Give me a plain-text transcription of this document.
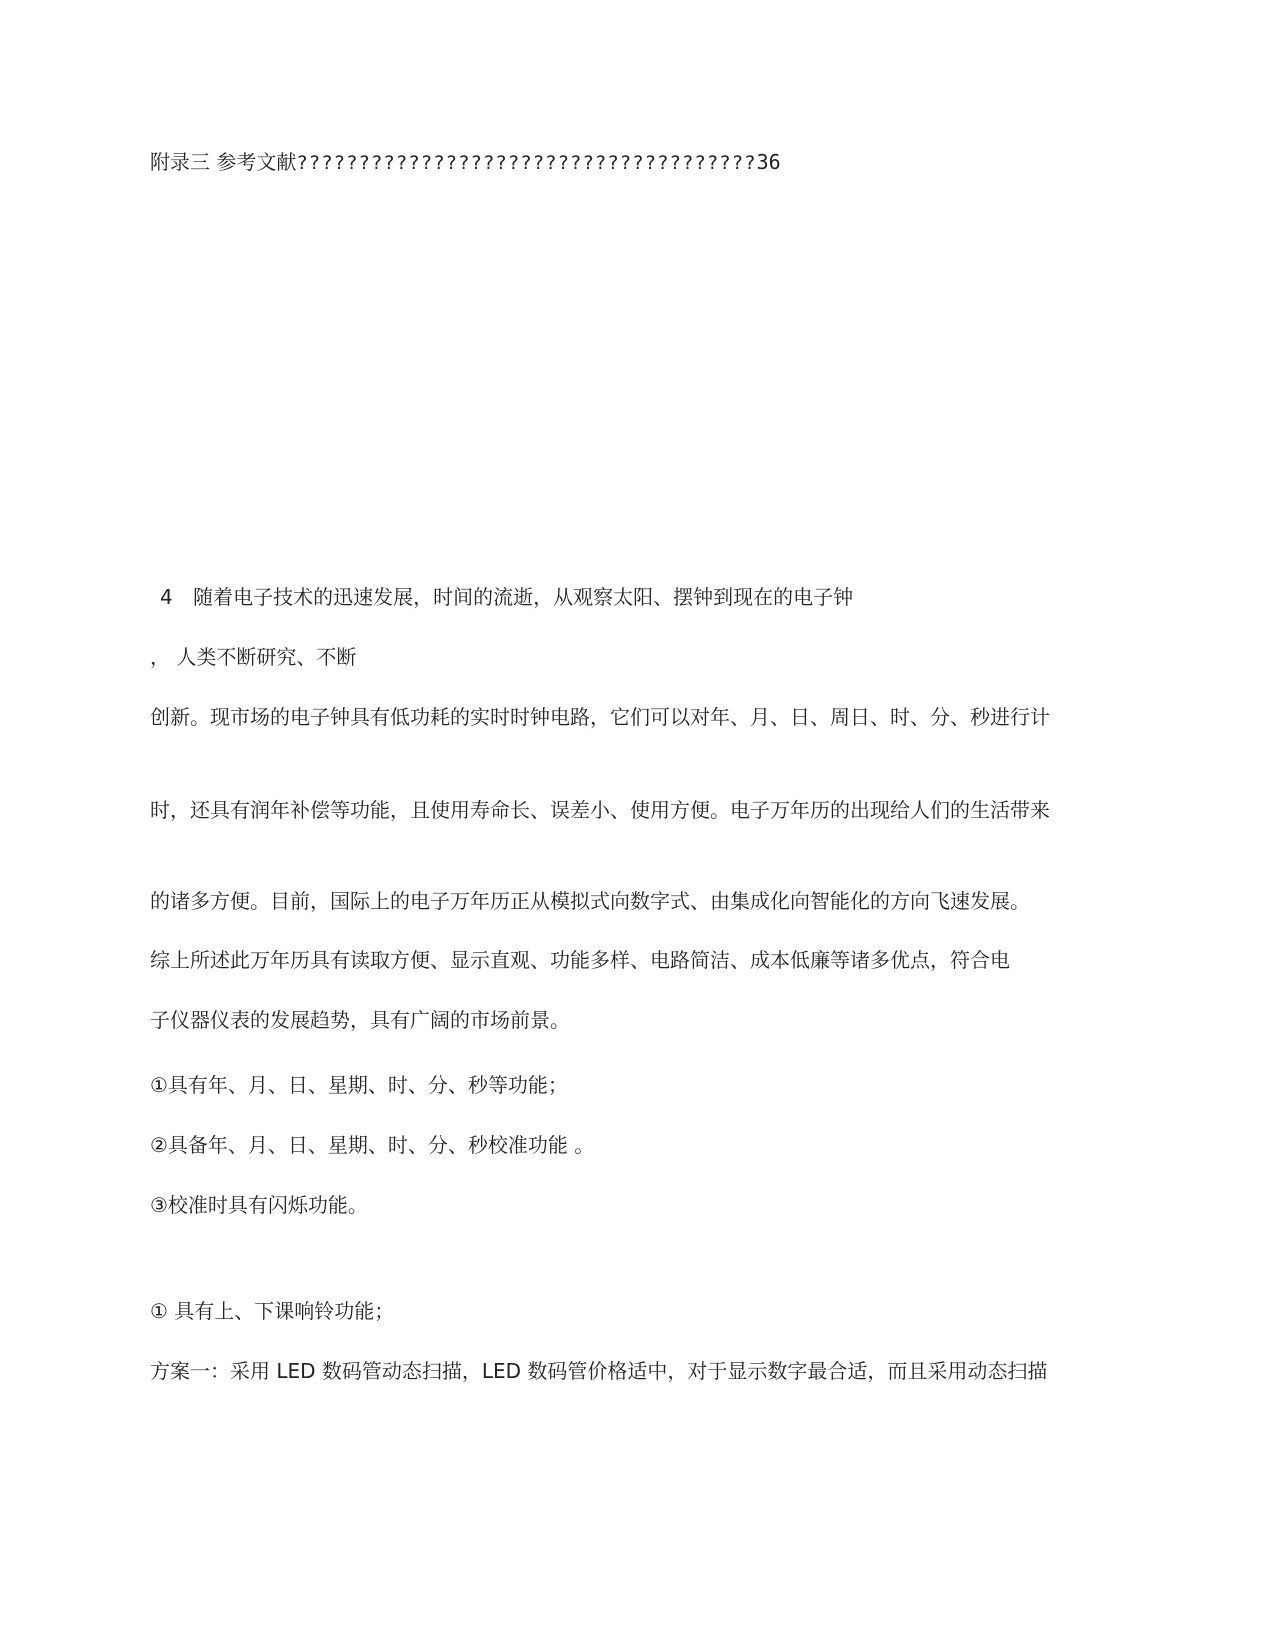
附录三 参考文献?????????????????????????????????????36
4 随着电子技术的迅速发展，时间的流逝，从观察太阳、摆钟到现在的电子钟
， 人类不断研究、不断
创新。现市场的电子钟具有低功耗的实时时钟电路，它们可以对年、月、日、周日、时、分、秒进行计
时，还具有润年补偿等功能，且使用寿命长、误差小、使用方便。电子万年历的出现给人们的生活带来
的诸多方便。目前，国际上的电子万年历正从模拟式向数字式、由集成化向智能化的方向飞速发展。
综上所述此万年历具有读取方便、显示直观、功能多样、电路简洁、成本低廉等诸多优点，符合电
子仪器仪表的发展趋势，具有广阔的市场前景。
①具有年、月、日、星期、时、分、秒等功能；
②具备年、月、日、星期、时、分、秒校准功能 。
③校准时具有闪烁功能。
① 具有上、下课响铃功能；
方案一：采用 LED 数码管动态扫描，LED 数码管价格适中，对于显示数字最合适，而且采用动态扫描
